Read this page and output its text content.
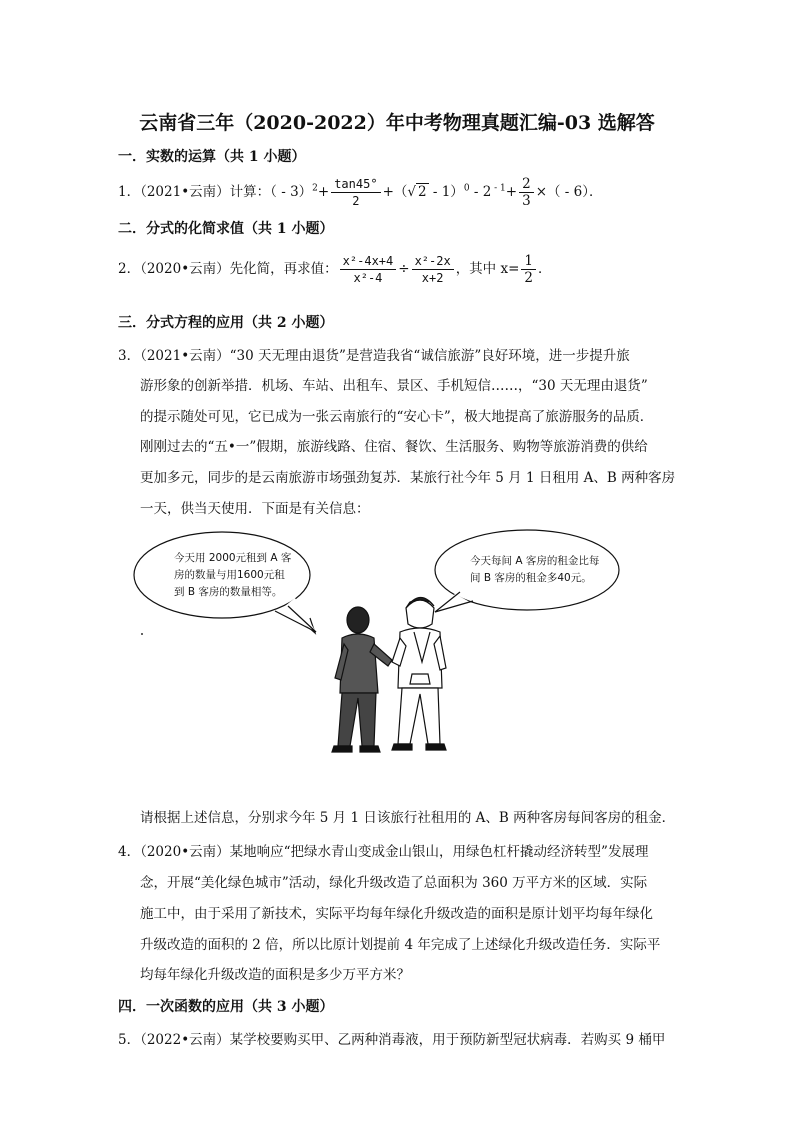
云南省三年（2020-2022）年中考物理真题汇编-03 选解答
一．实数的运算（共 1 小题）
1．（2021•云南）计算：（ - $3)^2+ \frac{\tan 45^\circ}{2}$ +（√ 2 - 1）$^0$ - 2 $^{- 1}+ \frac{2}{3}$ ×（ - 6）．
二．分式的化简求值（共 1 小题）
2．（2020•云南）先化简，再求值： $\frac{\text{x²-4x+4}}{\text{x²-4}} \div \frac{\text{x²-2x}}{x+2}$ ，其中 $x= \frac{1}{2}$ ．
三．分式方程的应用（共 2 小题）
3．（2021•云南）“30 天无理由退货”是营造我省“诚信旅游”良好环境，进一步提升旅
游形象的创新举措．机场、车站、出租车、景区、手机短信……，“30 天无理由退货”
的提示随处可见，它已成为一张云南旅行的“安心卡”，极大地提高了旅游服务的品质．
刚刚过去的“五•一”假期，旅游线路、住宿、餐饮、生活服务、购物等旅游消费的供给
更加多元，同步的是云南旅游市场强劲复苏．某旅行社今年 5 月 1 日租用 A、B 两种客房
一天，供当天使用．下面是有关信息：
今天用 2000元租到 A 客
房的数量与用1600元租
到 B 客房的数量相等。
今天每间 A 客房的租金比每
间 B 客房的租金多40元。
请根据上述信息，分别求今年 5 月 1 日该旅行社租用的 A、B 两种客房每间客房的租金．
4．（2020•云南）某地响应“把绿水青山变成金山银山，用绿色杠杆撬动经济转型”发展理
念，开展“美化绿色城市”活动，绿化升级改造了总面积为 360 万平方米的区域．实际
施工中，由于采用了新技术，实际平均每年绿化升级改造的面积是原计划平均每年绿化
升级改造的面积的 2 倍，所以比原计划提前 4 年完成了上述绿化升级改造任务．实际平
均每年绿化升级改造的面积是多少万平方米？
四．一次函数的应用（共 3 小题）
5．（2022•云南）某学校要购买甲、乙两种消毒液，用于预防新型冠状病毒．若购买 9 桶甲
